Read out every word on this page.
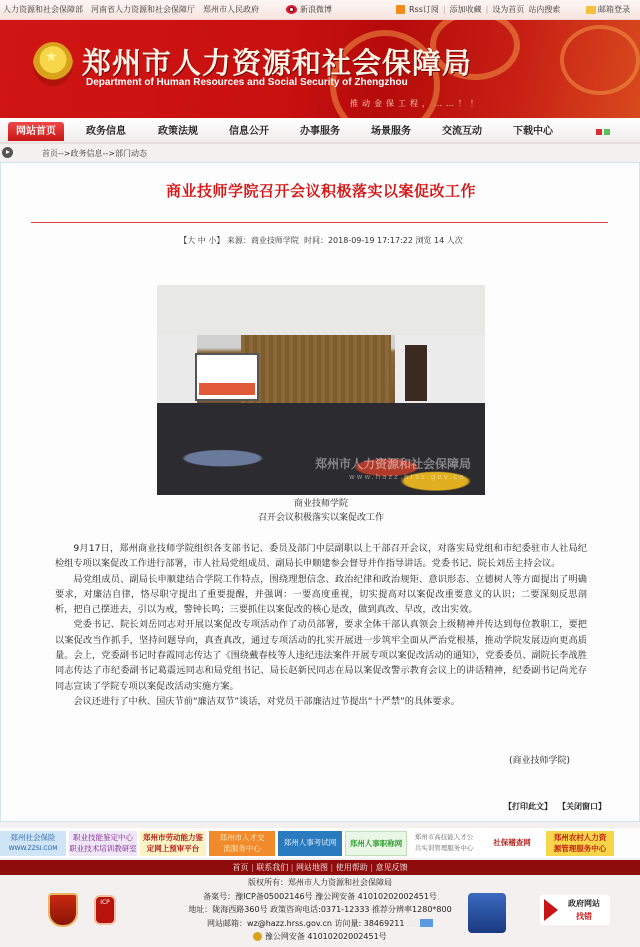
人力资源和社会保障部 河南省人力资源和社会保障厅 郑州市人民政府	新浪微博	Rss订阅 | 添加收藏 | 设为首页 站内搜索	邮箱登录
★
郑州市人力资源和社会保障局
Department of Human Resources and Social Security of Zhengzhou
推动金保工程，……！！
网站首页	政务信息	政策法规	信息公开	办事服务	场景服务	交流互动	下载中心
首页-->政务信息-->部门动态
商业技师学院召开会议积极落实以案促改工作
【大 中 小】 来源：商业技师学院 时间：2018-09-19 17:17:22 浏览 14 人次
郑州市人力资源和社会保障局
www.hazz.hrss.gov.cn
商业技师学院
召开会议积极落实以案促改工作

9月17日，郑州商业技师学院组织各支部书记、委员及部门中层副职以上干部召开会议，对落实局党组和市纪委驻市人社局纪检组专项以案促改工作进行部署，市人社局党组成员、副局长申顺建参会督导并作指导讲话。党委书记、院长刘岳主持会议。

局党组成员、副局长申顺建结合学院工作特点，围绕理想信念、政治纪律和政治规矩、意识形态、立德树人等方面提出了明确要求，对廉洁自律，恪尽职守提出了重要提醒，并强调：一要高度重视，切实提高对以案促改重要意义的认识；二要深刻反思剖析，把自己摆进去，引以为戒，警钟长鸣；三要抓住以案促改的核心是改，做到真改、早改，改出实效。

党委书记、院长刘岳同志对开展以案促改专项活动作了动员部署，要求全体干部认真领会上级精神并传达到每位教职工，要把以案促改当作抓手，坚持问题导向，真查真改，通过专项活动的扎实开展进一步筑牢全面从严治党根基，推动学院发展迈向更高质量。会上，党委副书记时春霞同志传达了《围绕戴春枝等人违纪违法案件开展专项以案促改活动的通知》，党委委员、副院长李战胜同志传达了市纪委副书记葛震远同志和局党组书记、局长赵新民同志在局以案促改警示教育会议上的讲话精神，纪委副书记尚光存同志宣读了学院专项以案促改活动实施方案。

会议还进行了中秋、国庆节前“廉洁双节”谈话，对党员干部廉洁过节提出“十严禁”的具体要求。

(商业技师学院)
【打印此文】 【关闭窗口】
郑州社会保险
WWW.ZZSI.COM
职业技能鉴定中心
职业技术培训教研室
郑州市劳动能力鉴
定网上预审平台
郑州市人才交
流服务中心
郑州人事考试网	郑州人事职称网
郑州市高技能人才公
共实训管理服务中心
社保稽查网
郑州农村人力资
源管理服务中心
首页 | 联系我们 | 网站地图 | 使用帮助 | 意见反馈
版权所有：郑州市人力资源和社会保障局
备案号：豫ICP备05002146号 豫公网安备 41010202002451号
地址：陇海西路360号 政策咨询电话:0371-12333 推荐分辨率1280*800
网站邮箱：wz@hazz.hrss.gov.cn 访问量: 38469211
豫公网安备 41010202002451号
ICP	政府网站
找错
